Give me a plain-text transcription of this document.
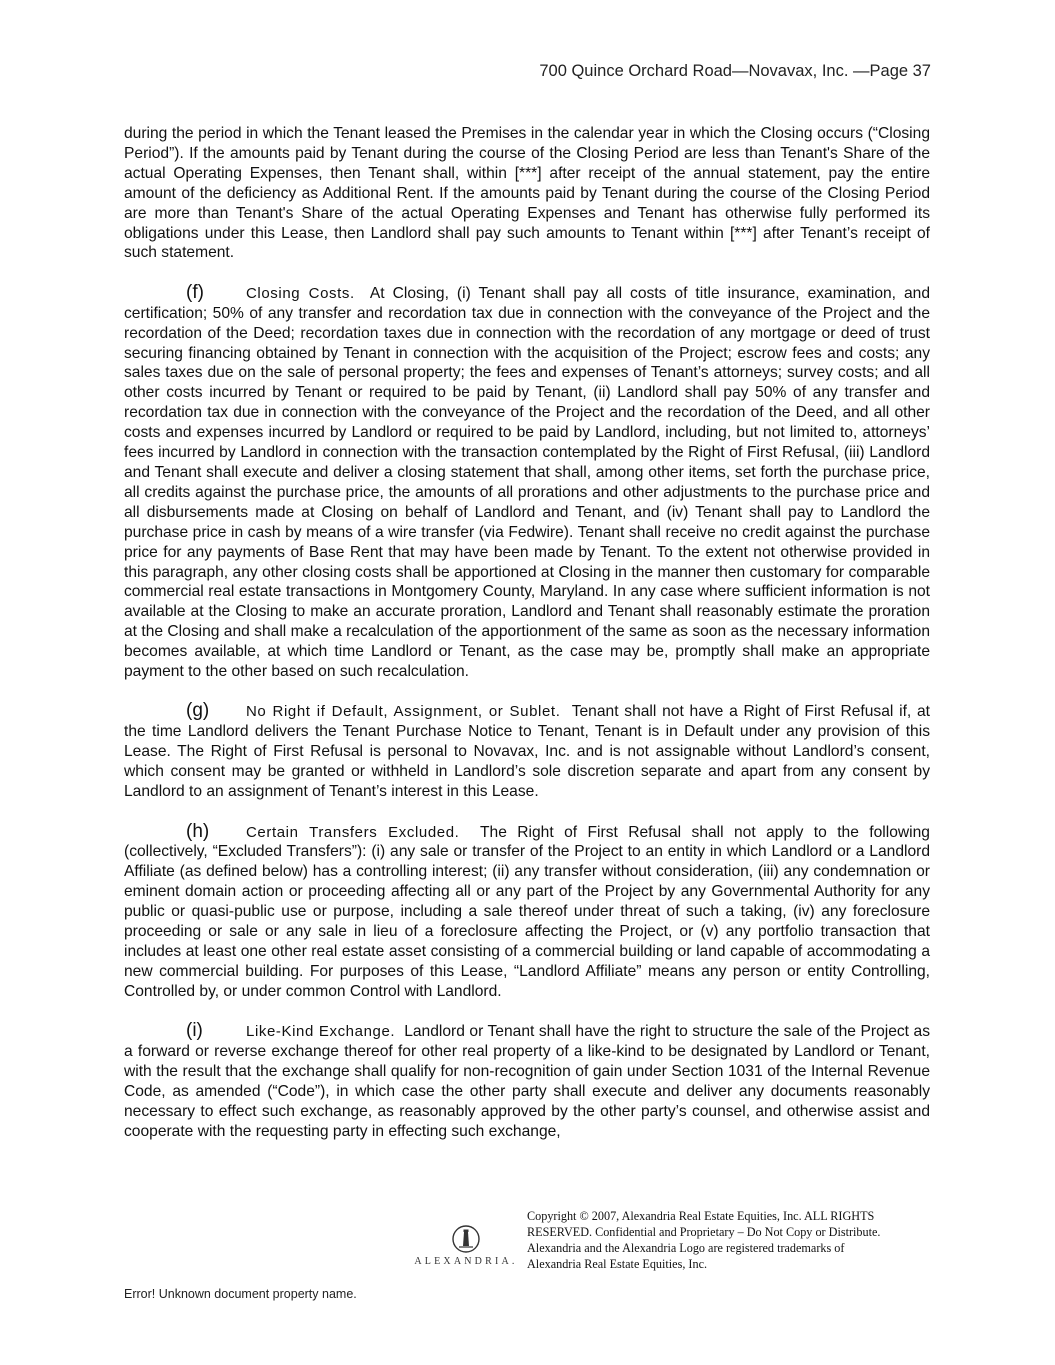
700 Quince Orchard Road—Novavax, Inc. —Page 37

during the period in which the Tenant leased the Premises in the calendar year in which the Closing occurs (“Closing Period”). If the amounts paid by Tenant during the course of the Closing Period are less than Tenant's Share of the actual Operating Expenses, then Tenant shall, within [***] after receipt of the annual statement, pay the entire amount of the deficiency as Additional Rent. If the amounts paid by Tenant during the course of the Closing Period are more than Tenant's Share of the actual Operating Expenses and Tenant has otherwise fully performed its obligations under this Lease, then Landlord shall pay such amounts to Tenant within [***] after Tenant’s receipt of such statement.

(f)	Closing Costs. At Closing, (i) Tenant shall pay all costs of title insurance, examination, and certification; 50% of any transfer and recordation tax due in connection with the conveyance of the Project and the recordation of the Deed; recordation taxes due in connection with the recordation of any mortgage or deed of trust securing financing obtained by Tenant in connection with the acquisition of the Project; escrow fees and costs; any sales taxes due on the sale of personal property; the fees and expenses of Tenant’s attorneys; survey costs; and all other costs incurred by Tenant or required to be paid by Tenant, (ii) Landlord shall pay 50% of any transfer and recordation tax due in connection with the conveyance of the Project and the recordation of the Deed, and all other costs and expenses incurred by Landlord or required to be paid by Landlord, including, but not limited to, attorneys’ fees incurred by Landlord in connection with the transaction contemplated by the Right of First Refusal, (iii) Landlord and Tenant shall execute and deliver a closing statement that shall, among other items, set forth the purchase price, all credits against the purchase price, the amounts of all prorations and other adjustments to the purchase price and all disbursements made at Closing on behalf of Landlord and Tenant, and (iv) Tenant shall pay to Landlord the purchase price in cash by means of a wire transfer (via Fedwire). Tenant shall receive no credit against the purchase price for any payments of Base Rent that may have been made by Tenant. To the extent not otherwise provided in this paragraph, any other closing costs shall be apportioned at Closing in the manner then customary for comparable commercial real estate transactions in Montgomery County, Maryland. In any case where sufficient information is not available at the Closing to make an accurate proration, Landlord and Tenant shall reasonably estimate the proration at the Closing and shall make a recalculation of the apportionment of the same as soon as the necessary information becomes available, at which time Landlord or Tenant, as the case may be, promptly shall make an appropriate payment to the other based on such recalculation.

(g) No Right if Default, Assignment, or Sublet. Tenant shall not have a Right of First Refusal if, at the time Landlord delivers the Tenant Purchase Notice to Tenant, Tenant is in Default under any provision of this Lease. The Right of First Refusal is personal to Novavax, Inc. and is not assignable without Landlord’s consent, which consent may be granted or withheld in Landlord’s sole discretion separate and apart from any consent by Landlord to an assignment of Tenant’s interest in this Lease.

(h) Certain Transfers Excluded. The Right of First Refusal shall not apply to the following (collectively, “Excluded Transfers”): (i) any sale or transfer of the Project to an entity in which Landlord or a Landlord Affiliate (as defined below) has a controlling interest; (ii) any transfer without consideration, (iii) any condemnation or eminent domain action or proceeding affecting all or any part of the Project by any Governmental Authority for any public or quasi-public use or purpose, including a sale thereof under threat of such a taking, (iv) any foreclosure proceeding or sale or any sale in lieu of a foreclosure affecting the Project, or (v) any portfolio transaction that includes at least one other real estate asset consisting of a commercial building or land capable of accommodating a new commercial building. For purposes of this Lease, “Landlord Affiliate” means any person or entity Controlling, Controlled by, or under common Control with Landlord.

(i)	Like-Kind Exchange. Landlord or Tenant shall have the right to structure the sale of the Project as a forward or reverse exchange thereof for other real property of a like-kind to be designated by Landlord or Tenant, with the result that the exchange shall qualify for non-recognition of gain under Section 1031 of the Internal Revenue Code, as amended (“Code”), in which case the other party shall execute and deliver any documents reasonably necessary to effect such exchange, as reasonably approved by the other party’s counsel, and otherwise assist and cooperate with the requesting party in effecting such exchange,

ALEXANDRIA.
Copyright © 2007, Alexandria Real Estate Equities, Inc. ALL RIGHTS RESERVED. Confidential and Proprietary – Do Not Copy or Distribute. Alexandria and the Alexandria Logo are registered trademarks of Alexandria Real Estate Equities, Inc.
Error! Unknown document property name.
